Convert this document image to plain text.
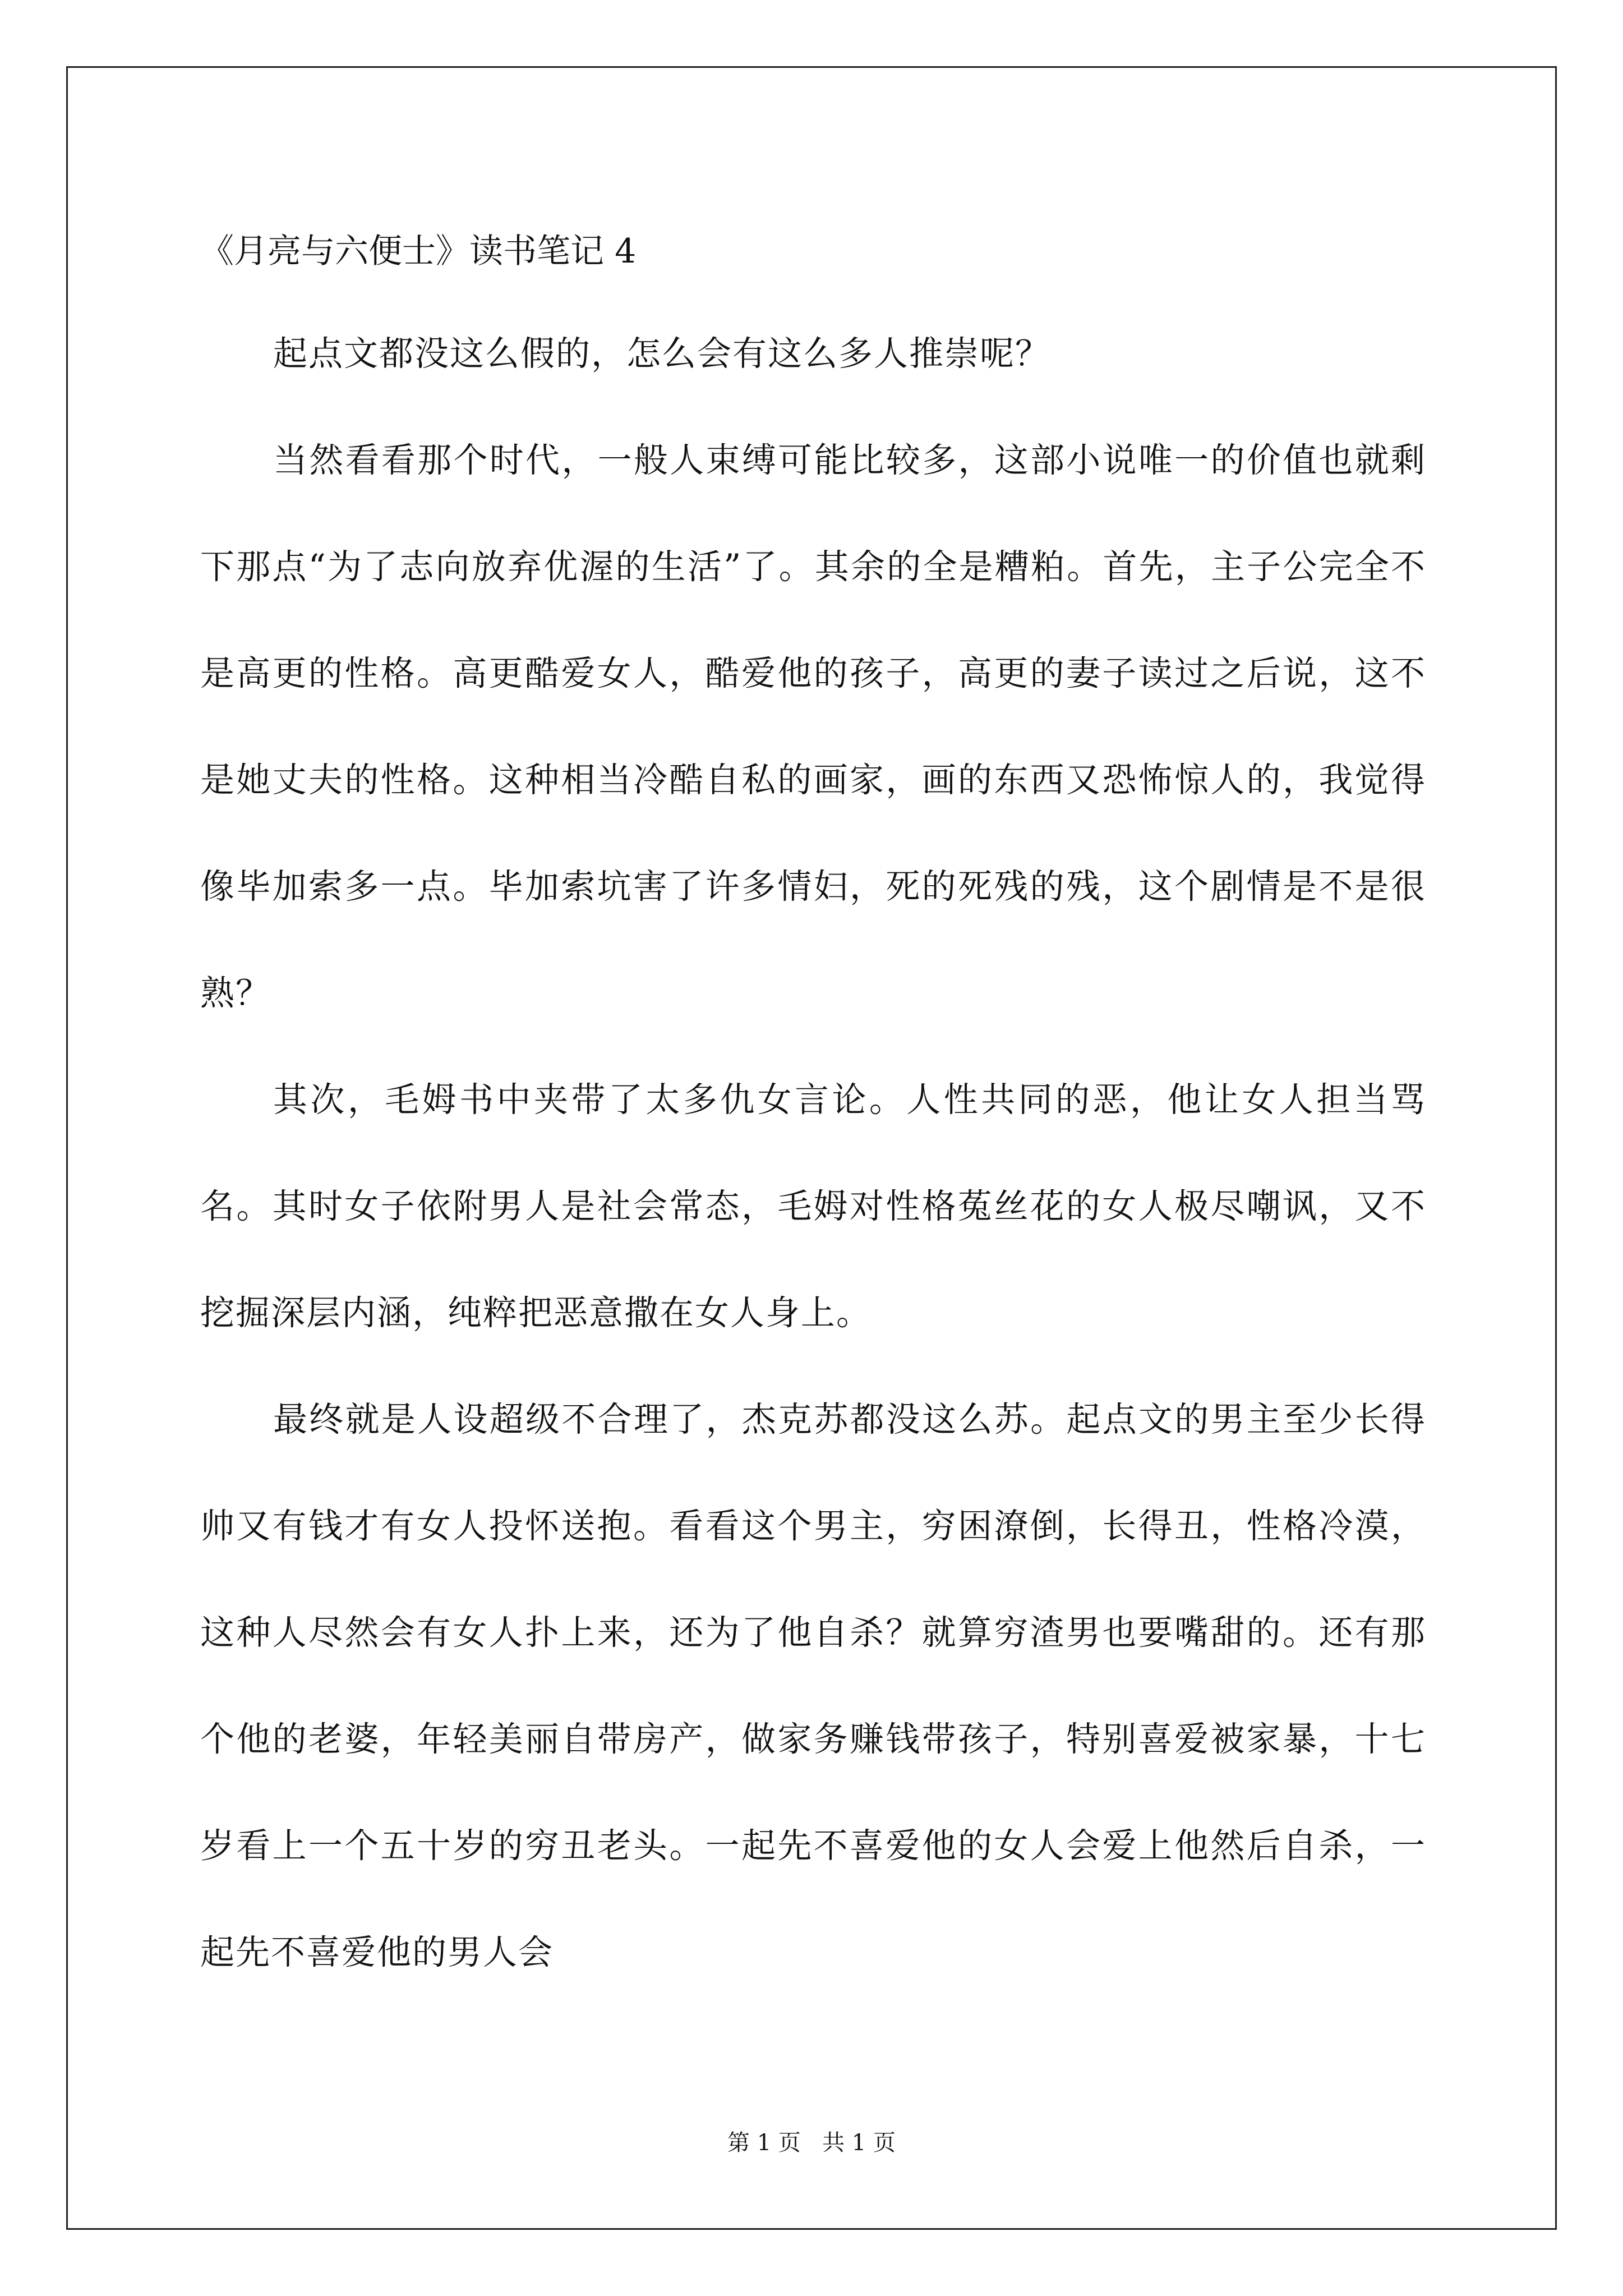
《月亮与六便士》读书笔记 4

起点文都没这么假的，怎么会有这么多人推崇呢？

当然看看那个时代，一般人束缚可能比较多，这部小说唯一的价值也就剩下那点“为了志向放弃优渥的生活”了。其余的全是糟粕。首先，主子公完全不是高更的性格。高更酷爱女人，酷爱他的孩子，高更的妻子读过之后说，这不是她丈夫的性格。这种相当冷酷自私的画家，画的东西又恐怖惊人的，我觉得像毕加索多一点。毕加索坑害了许多情妇，死的死残的残，这个剧情是不是很熟？

其次，毛姆书中夹带了太多仇女言论。人性共同的恶，他让女人担当骂名。其时女子依附男人是社会常态，毛姆对性格菟丝花的女人极尽嘲讽，又不挖掘深层内涵，纯粹把恶意撒在女人身上。

最终就是人设超级不合理了，杰克苏都没这么苏。起点文的男主至少长得帅又有钱才有女人投怀送抱。看看这个男主，穷困潦倒，长得丑，性格冷漠，这种人尽然会有女人扑上来，还为了他自杀？就算穷渣男也要嘴甜的。还有那个他的老婆，年轻美丽自带房产，做家务赚钱带孩子，特别喜爱被家暴，十七岁看上一个五十岁的穷丑老头。一起先不喜爱他的女人会爱上他然后自杀，一起先不喜爱他的男人会

第 1 页   共 1 页
